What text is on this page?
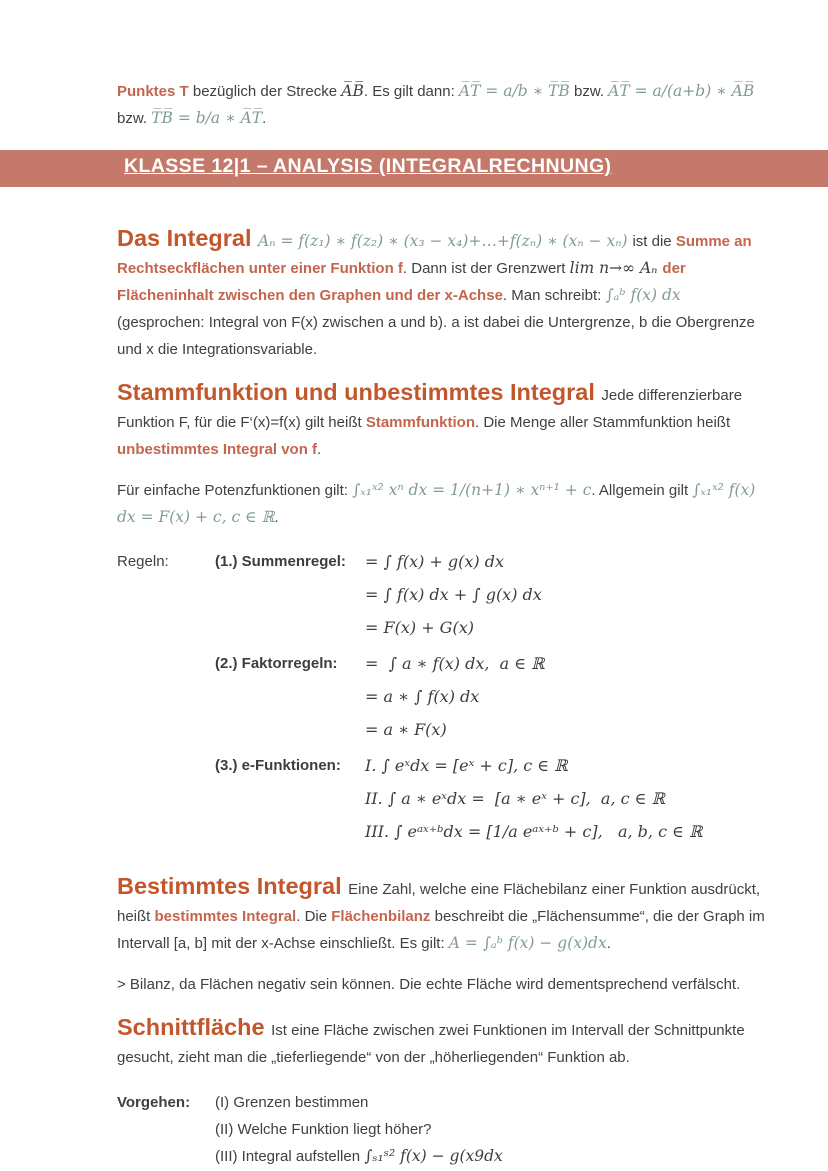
Punktes T bezüglich der Strecke A̅B̅. Es gilt dann: A̅T̅ = a/b ∗ T̅B̅ bzw. A̅T̅ = a/(a+b) ∗ A̅B̅ bzw. T̅B̅ = b/a ∗ A̅T̅.

KLASSE 12|1 – ANALYSIS (INTEGRALRECHNUNG)

Das Integral Aₙ = f(z₁) ∗ f(z₂) ∗ (x₃ − x₄)+…+f(zₙ) ∗ (xₙ − xₙ) ist die Summe an Rechtseckflächen unter einer Funktion f. Dann ist der Grenzwert lim n→∞ Aₙ der Flächeninhalt zwischen den Graphen und der x-Achse. Man schreibt: ∫ₐᵇ f(x) dx (gesprochen: Integral von F(x) zwischen a und b). a ist dabei die Untergrenze, b die Obergrenze und x die Integrationsvariable.

Stammfunktion und unbestimmtes Integral Jede differenzierbare Funktion F, für die F‘(x)=f(x) gilt heißt Stammfunktion. Die Menge aller Stammfunktion heißt unbestimmtes Integral von f.

Für einfache Potenzfunktionen gilt: ∫ₓ₁ˣ² xⁿ dx = 1/(n+1) ∗ xⁿ⁺¹ + c. Allgemein gilt ∫ₓ₁ˣ² f(x) dx = F(x) + c, c ∈ ℝ.

Regeln:	(1.) Summenregel:	= ∫ f(x) + g(x) dx
= ∫ f(x) dx + ∫ g(x) dx
= F(x) + G(x)
(2.) Faktorregeln:	=  ∫ a ∗ f(x) dx,  a ∈ ℝ
= a ∗ ∫ f(x) dx
= a ∗ F(x)
(3.) e-Funktionen:	I. ∫ eˣdx = [eˣ + c], c ∈ ℝ
II. ∫ a ∗ eˣdx =  [a ∗ eˣ + c],  a, c ∈ ℝ
III. ∫ eᵃˣ⁺ᵇdx = [1/a eᵃˣ⁺ᵇ + c],   a, b, c ∈ ℝ

Bestimmtes Integral Eine Zahl, welche eine Flächebilanz einer Funktion ausdrückt, heißt bestimmtes Integral. Die Flächenbilanz beschreibt die „Flächensumme“, die der Graph im Intervall [a, b] mit der x-Achse einschließt. Es gilt: A = ∫ₐᵇ f(x) − g(x)dx.

> Bilanz, da Flächen negativ sein können. Die echte Fläche wird dementsprechend verfälscht.

Schnittfläche Ist eine Fläche zwischen zwei Funktionen im Intervall der Schnittpunkte gesucht, zieht man die „tieferliegende“ von der „höherliegenden“ Funktion ab.

Vorgehen:	(I) Grenzen bestimmen
(II) Welche Funktion liegt höher?
(III) Integral aufstellen ∫ₛ₁ˢ² f(x) − g(x9dx
